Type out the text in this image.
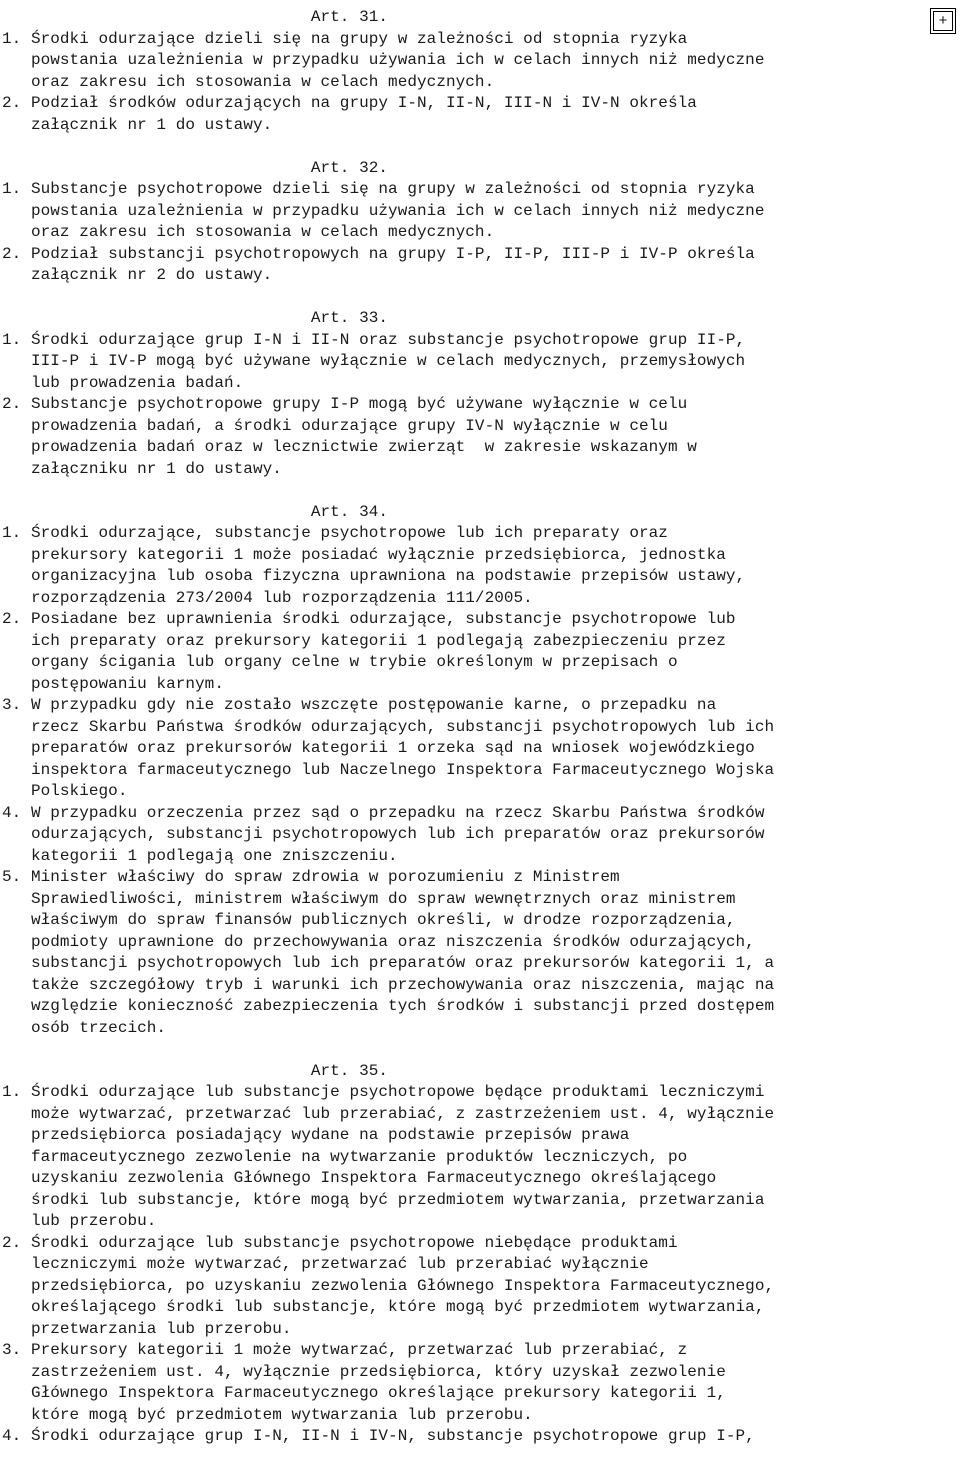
+
Art. 31.
1. Środki odurzające dzieli się na grupy w zależności od stopnia ryzyka
powstania uzależnienia w przypadku używania ich w celach innych niż medyczne
oraz zakresu ich stosowania w celach medycznych.
2. Podział środków odurzających na grupy I-N, II-N, III-N i IV-N określa
załącznik nr 1 do ustawy.
Art. 32.
1. Substancje psychotropowe dzieli się na grupy w zależności od stopnia ryzyka
powstania uzależnienia w przypadku używania ich w celach innych niż medyczne
oraz zakresu ich stosowania w celach medycznych.
2. Podział substancji psychotropowych na grupy I-P, II-P, III-P i IV-P określa
załącznik nr 2 do ustawy.
Art. 33.
1. Środki odurzające grup I-N i II-N oraz substancje psychotropowe grup II-P,
III-P i IV-P mogą być używane wyłącznie w celach medycznych, przemysłowych
lub prowadzenia badań.
2. Substancje psychotropowe grupy I-P mogą być używane wyłącznie w celu
prowadzenia badań, a środki odurzające grupy IV-N wyłącznie w celu
prowadzenia badań oraz w lecznictwie zwierząt  w zakresie wskazanym w
załączniku nr 1 do ustawy.
Art. 34.
1. Środki odurzające, substancje psychotropowe lub ich preparaty oraz
prekursory kategorii 1 może posiadać wyłącznie przedsiębiorca, jednostka
organizacyjna lub osoba fizyczna uprawniona na podstawie przepisów ustawy,
rozporządzenia 273/2004 lub rozporządzenia 111/2005.
2. Posiadane bez uprawnienia środki odurzające, substancje psychotropowe lub
ich preparaty oraz prekursory kategorii 1 podlegają zabezpieczeniu przez
organy ścigania lub organy celne w trybie określonym w przepisach o
postępowaniu karnym.
3. W przypadku gdy nie zostało wszczęte postępowanie karne, o przepadku na
rzecz Skarbu Państwa środków odurzających, substancji psychotropowych lub ich
preparatów oraz prekursorów kategorii 1 orzeka sąd na wniosek wojewódzkiego
inspektora farmaceutycznego lub Naczelnego Inspektora Farmaceutycznego Wojska
Polskiego.
4. W przypadku orzeczenia przez sąd o przepadku na rzecz Skarbu Państwa środków
odurzających, substancji psychotropowych lub ich preparatów oraz prekursorów
kategorii 1 podlegają one zniszczeniu.
5. Minister właściwy do spraw zdrowia w porozumieniu z Ministrem
Sprawiedliwości, ministrem właściwym do spraw wewnętrznych oraz ministrem
właściwym do spraw finansów publicznych określi, w drodze rozporządzenia,
podmioty uprawnione do przechowywania oraz niszczenia środków odurzających,
substancji psychotropowych lub ich preparatów oraz prekursorów kategorii 1, a
także szczegółowy tryb i warunki ich przechowywania oraz niszczenia, mając na
względzie konieczność zabezpieczenia tych środków i substancji przed dostępem
osób trzecich.
Art. 35.
1. Środki odurzające lub substancje psychotropowe będące produktami leczniczymi
może wytwarzać, przetwarzać lub przerabiać, z zastrzeżeniem ust. 4, wyłącznie
przedsiębiorca posiadający wydane na podstawie przepisów prawa
farmaceutycznego zezwolenie na wytwarzanie produktów leczniczych, po
uzyskaniu zezwolenia Głównego Inspektora Farmaceutycznego określającego
środki lub substancje, które mogą być przedmiotem wytwarzania, przetwarzania
lub przerobu.
2. Środki odurzające lub substancje psychotropowe niebędące produktami
leczniczymi może wytwarzać, przetwarzać lub przerabiać wyłącznie
przedsiębiorca, po uzyskaniu zezwolenia Głównego Inspektora Farmaceutycznego,
określającego środki lub substancje, które mogą być przedmiotem wytwarzania,
przetwarzania lub przerobu.
3. Prekursory kategorii 1 może wytwarzać, przetwarzać lub przerabiać, z
zastrzeżeniem ust. 4, wyłącznie przedsiębiorca, który uzyskał zezwolenie
Głównego Inspektora Farmaceutycznego określające prekursory kategorii 1,
które mogą być przedmiotem wytwarzania lub przerobu.
4. Środki odurzające grup I-N, II-N i IV-N, substancje psychotropowe grup I-P,
